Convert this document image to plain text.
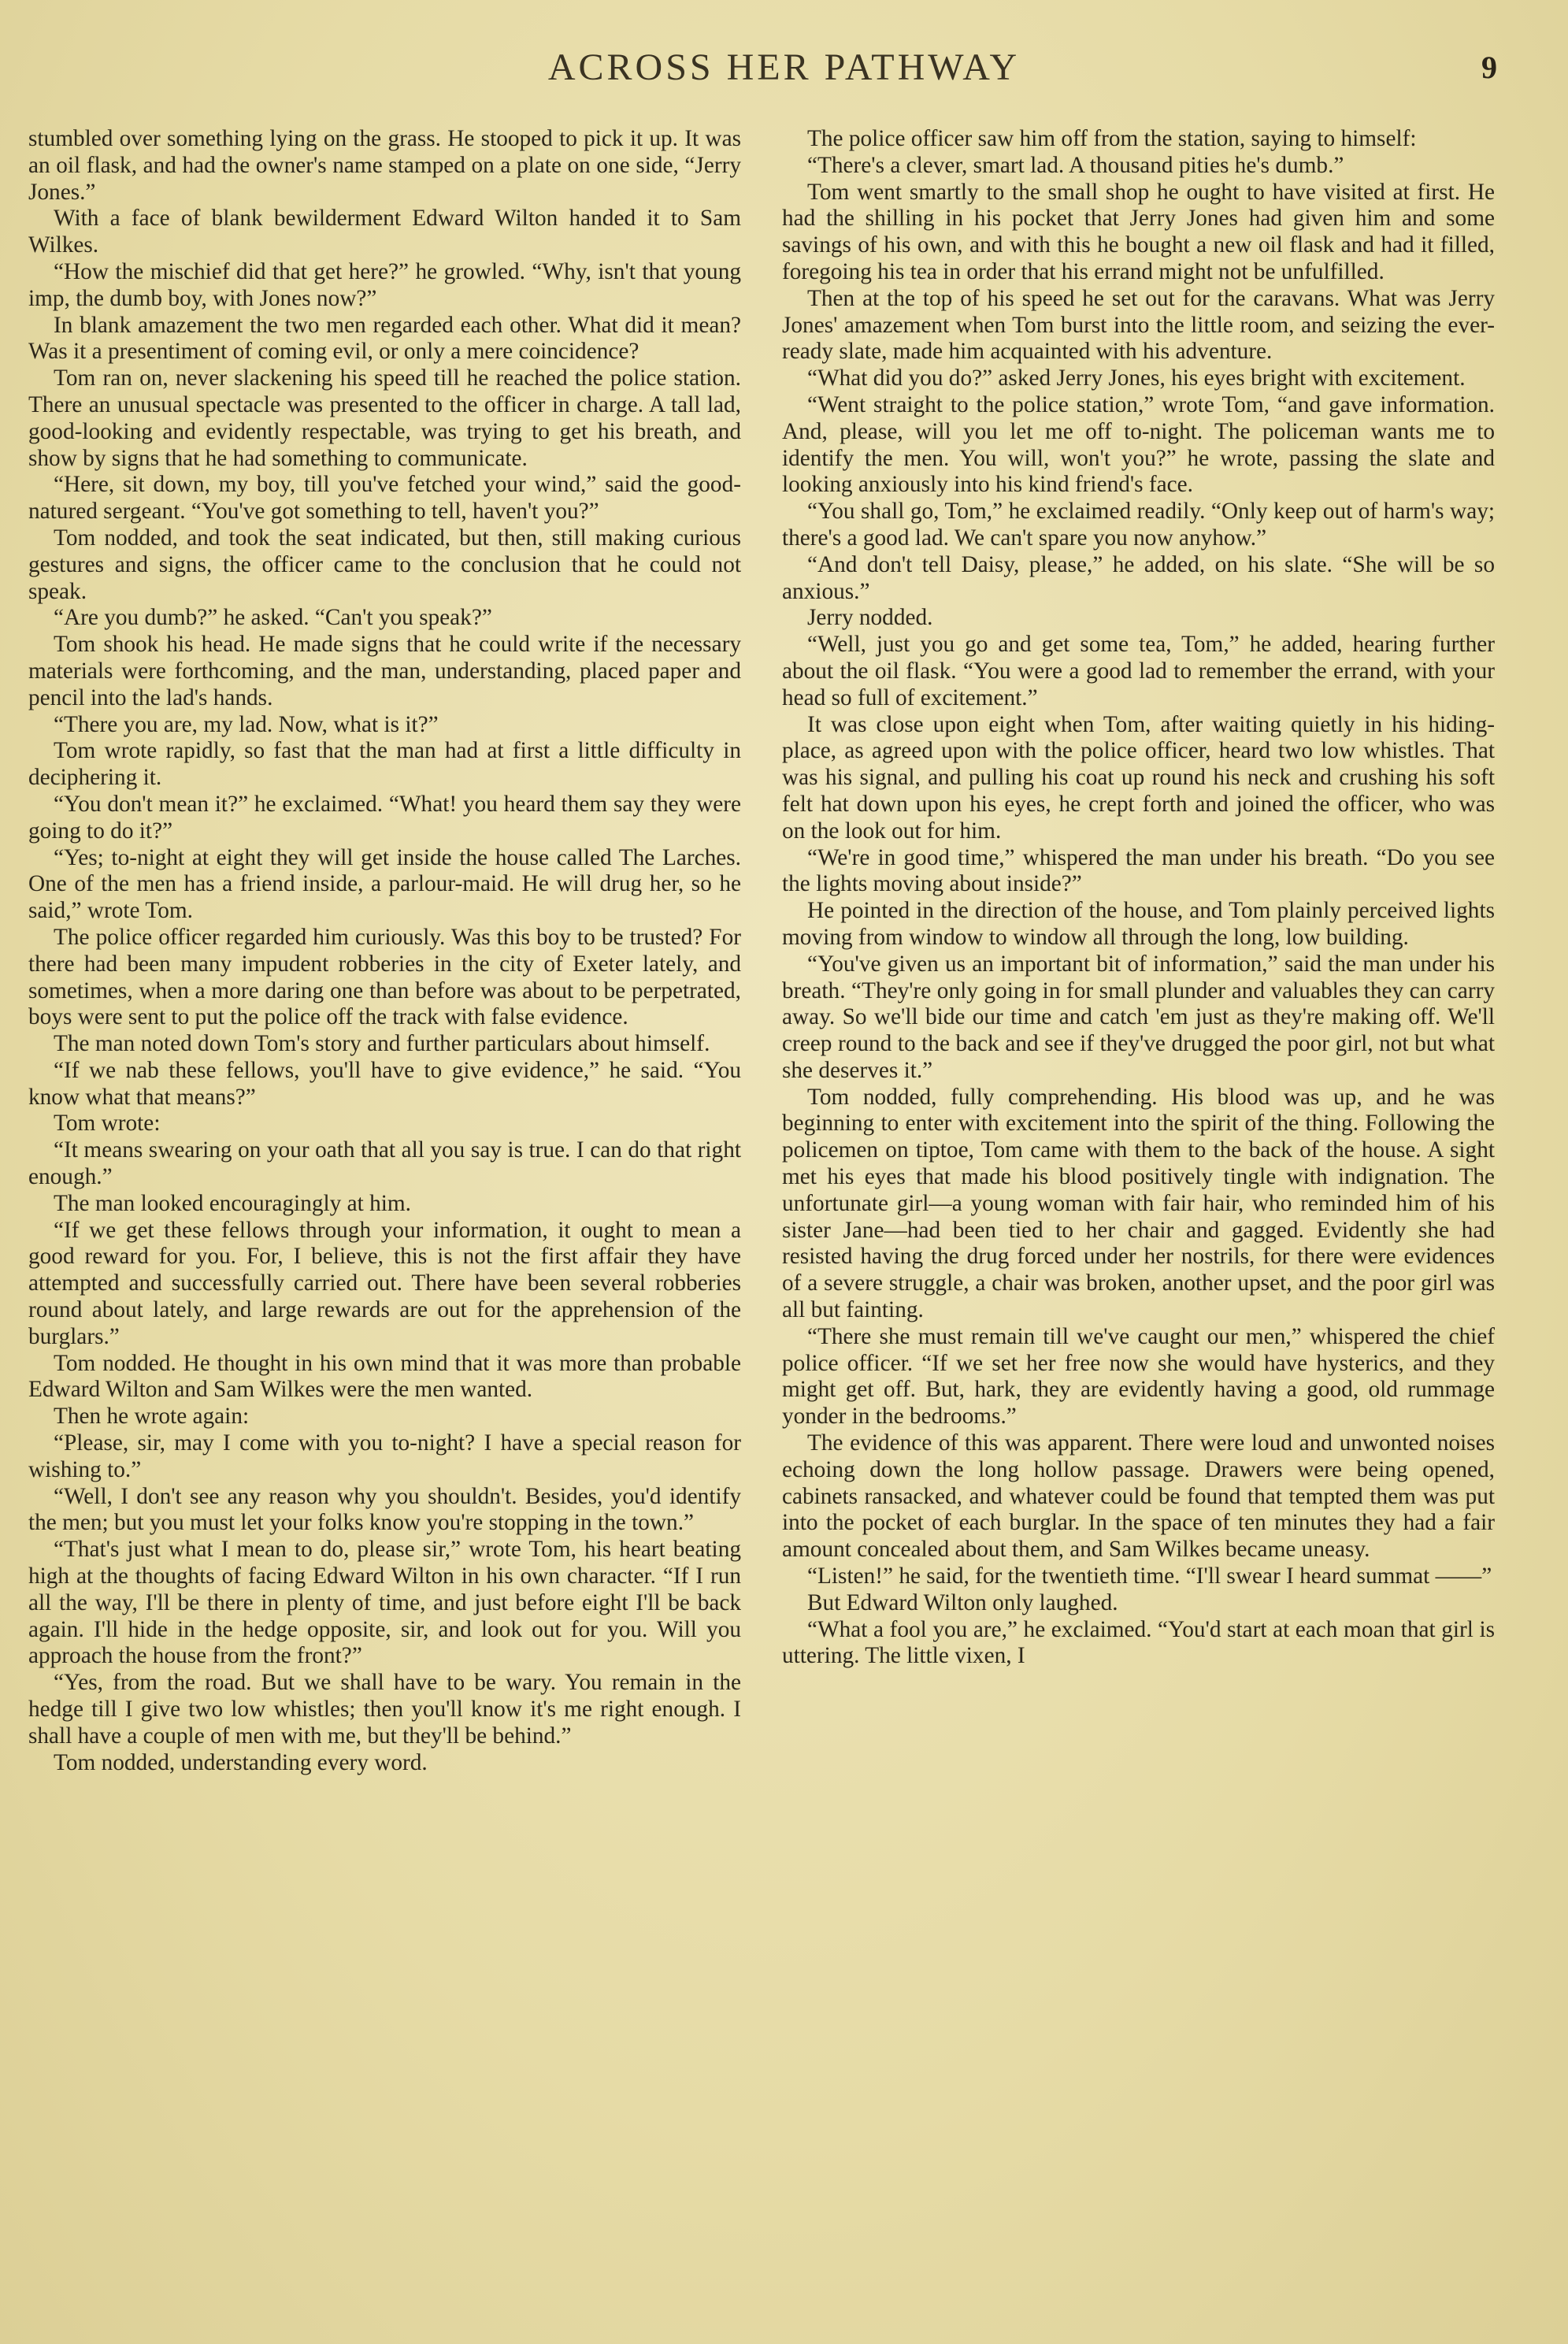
ACROSS HER PATHWAY	9

stumbled over something lying on the grass. He stooped to pick it up. It was an oil flask, and had the owner's name stamped on a plate on one side, “Jerry Jones.”

With a face of blank bewilderment Edward Wilton handed it to Sam Wilkes.

“How the mischief did that get here?” he growled. “Why, isn't that young imp, the dumb boy, with Jones now?”

In blank amazement the two men regarded each other. What did it mean? Was it a presentiment of coming evil, or only a mere coincidence?

Tom ran on, never slackening his speed till he reached the police station. There an unusual spectacle was presented to the officer in charge. A tall lad, good-looking and evidently respectable, was trying to get his breath, and show by signs that he had something to communicate.

“Here, sit down, my boy, till you've fetched your wind,” said the good-natured sergeant. “You've got something to tell, haven't you?”

Tom nodded, and took the seat indicated, but then, still making curious gestures and signs, the officer came to the conclusion that he could not speak.

“Are you dumb?” he asked. “Can't you speak?”

Tom shook his head. He made signs that he could write if the necessary materials were forthcoming, and the man, understanding, placed paper and pencil into the lad's hands.

“There you are, my lad. Now, what is it?”

Tom wrote rapidly, so fast that the man had at first a little difficulty in deciphering it.

“You don't mean it?” he exclaimed. “What! you heard them say they were going to do it?”

“Yes; to-night at eight they will get inside the house called The Larches. One of the men has a friend inside, a parlour-maid. He will drug her, so he said,” wrote Tom.

The police officer regarded him curiously. Was this boy to be trusted? For there had been many impudent robberies in the city of Exeter lately, and sometimes, when a more daring one than before was about to be perpetrated, boys were sent to put the police off the track with false evidence.

The man noted down Tom's story and further particulars about himself.

“If we nab these fellows, you'll have to give evidence,” he said. “You know what that means?”

Tom wrote:

“It means swearing on your oath that all you say is true. I can do that right enough.”

The man looked encouragingly at him.

“If we get these fellows through your information, it ought to mean a good reward for you. For, I believe, this is not the first affair they have attempted and successfully carried out. There have been several robberies round about lately, and large rewards are out for the apprehension of the burglars.”

Tom nodded. He thought in his own mind that it was more than probable Edward Wilton and Sam Wilkes were the men wanted.

Then he wrote again:

“Please, sir, may I come with you to-night? I have a special reason for wishing to.”

“Well, I don't see any reason why you shouldn't. Besides, you'd identify the men; but you must let your folks know you're stopping in the town.”

“That's just what I mean to do, please sir,” wrote Tom, his heart beating high at the thoughts of facing Edward Wilton in his own character. “If I run all the way, I'll be there in plenty of time, and just before eight I'll be back again. I'll hide in the hedge opposite, sir, and look out for you. Will you approach the house from the front?”

“Yes, from the road. But we shall have to be wary. You remain in the hedge till I give two low whistles; then you'll know it's me right enough. I shall have a couple of men with me, but they'll be behind.”

Tom nodded, understanding every word.

The police officer saw him off from the station, saying to himself:

“There's a clever, smart lad. A thousand pities he's dumb.”

Tom went smartly to the small shop he ought to have visited at first. He had the shilling in his pocket that Jerry Jones had given him and some savings of his own, and with this he bought a new oil flask and had it filled, foregoing his tea in order that his errand might not be unfulfilled.

Then at the top of his speed he set out for the caravans. What was Jerry Jones' amazement when Tom burst into the little room, and seizing the ever-ready slate, made him acquainted with his adventure.

“What did you do?” asked Jerry Jones, his eyes bright with excitement.

“Went straight to the police station,” wrote Tom, “and gave information. And, please, will you let me off to-night. The policeman wants me to identify the men. You will, won't you?” he wrote, passing the slate and looking anxiously into his kind friend's face.

“You shall go, Tom,” he exclaimed readily. “Only keep out of harm's way; there's a good lad. We can't spare you now anyhow.”

“And don't tell Daisy, please,” he added, on his slate. “She will be so anxious.”

Jerry nodded.

“Well, just you go and get some tea, Tom,” he added, hearing further about the oil flask. “You were a good lad to remember the errand, with your head so full of excitement.”

It was close upon eight when Tom, after waiting quietly in his hiding-place, as agreed upon with the police officer, heard two low whistles. That was his signal, and pulling his coat up round his neck and crushing his soft felt hat down upon his eyes, he crept forth and joined the officer, who was on the look out for him.

“We're in good time,” whispered the man under his breath. “Do you see the lights moving about inside?”

He pointed in the direction of the house, and Tom plainly perceived lights moving from window to window all through the long, low building.

“You've given us an important bit of information,” said the man under his breath. “They're only going in for small plunder and valuables they can carry away. So we'll bide our time and catch 'em just as they're making off. We'll creep round to the back and see if they've drugged the poor girl, not but what she deserves it.”

Tom nodded, fully comprehending. His blood was up, and he was beginning to enter with excitement into the spirit of the thing. Following the policemen on tiptoe, Tom came with them to the back of the house. A sight met his eyes that made his blood positively tingle with indignation. The unfortunate girl—a young woman with fair hair, who reminded him of his sister Jane—had been tied to her chair and gagged. Evidently she had resisted having the drug forced under her nostrils, for there were evidences of a severe struggle, a chair was broken, another upset, and the poor girl was all but fainting.

“There she must remain till we've caught our men,” whispered the chief police officer. “If we set her free now she would have hysterics, and they might get off. But, hark, they are evidently having a good, old rummage yonder in the bedrooms.”

The evidence of this was apparent. There were loud and unwonted noises echoing down the long hollow passage. Drawers were being opened, cabinets ransacked, and whatever could be found that tempted them was put into the pocket of each burglar. In the space of ten minutes they had a fair amount concealed about them, and Sam Wilkes became uneasy.

“Listen!” he said, for the twentieth time. “I'll swear I heard summat ——”

But Edward Wilton only laughed.

“What a fool you are,” he exclaimed. “You'd start at each moan that girl is uttering. The little vixen, I
